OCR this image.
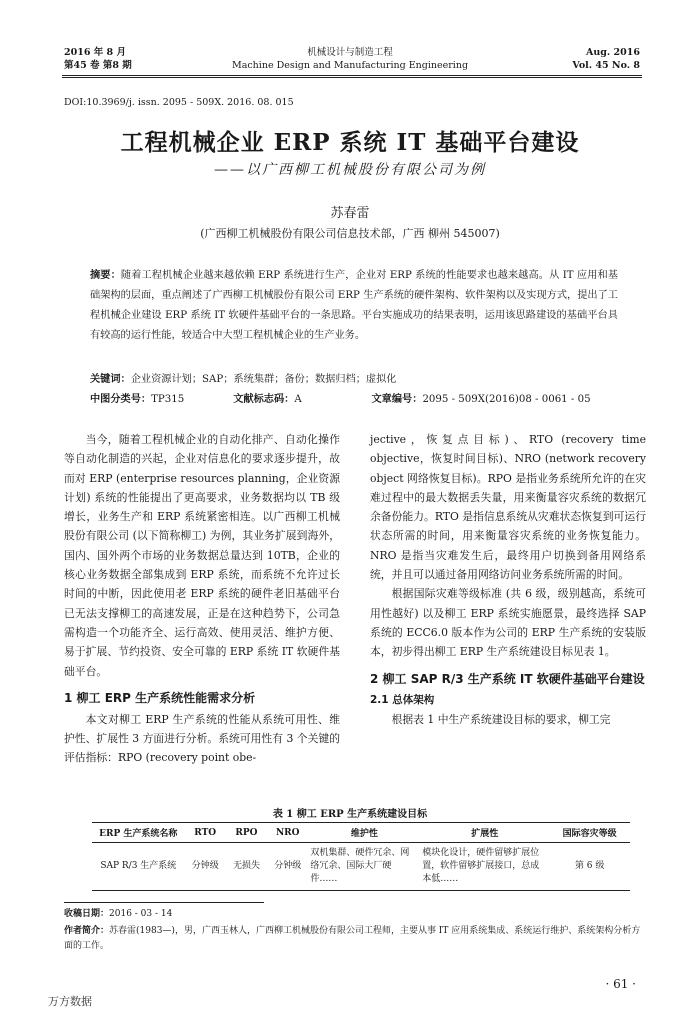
2016 年 8 月
第45 卷 第8 期
机械设计与制造工程
Machine Design and Manufacturing Engineering
Aug. 2016
Vol. 45 No. 8
DOI:10.3969/j. issn. 2095 - 509X. 2016. 08. 015
工程机械企业 ERP 系统 IT 基础平台建设
——以广西柳工机械股份有限公司为例
苏春雷
(广西柳工机械股份有限公司信息技术部，广西 柳州 545007)
摘要：随着工程机械企业越来越依赖 ERP 系统进行生产，企业对 ERP 系统的性能要求也越来越高。从 IT 应用和基础架构的层面，重点阐述了广西柳工机械股份有限公司 ERP 生产系统的硬件架构、软件架构以及实现方式，提出了工程机械企业建设 ERP 系统 IT 软硬件基础平台的一条思路。平台实施成功的结果表明，运用该思路建设的基础平台具有较高的运行性能，较适合中大型工程机械企业的生产业务。
关键词：企业资源计划；SAP；系统集群；备份；数据归档；虚拟化
中图分类号：TP315	文献标志码：A	文章编号：2095 - 509X(2016)08 - 0061 - 05

当今，随着工程机械企业的自动化排产、自动化操作等自动化制造的兴起，企业对信息化的要求逐步提升，故而对 ERP (enterprise resources planning，企业资源计划) 系统的性能提出了更高要求，业务数据均以 TB 级增长，业务生产和 ERP 系统紧密相连。以广西柳工机械股份有限公司 (以下简称柳工) 为例，其业务扩展到海外，国内、国外两个市场的业务数据总量达到 10TB，企业的核心业务数据全部集成到 ERP 系统，而系统不允许过长时间的中断，因此使用老 ERP 系统的硬件老旧基础平台已无法支撑柳工的高速发展，正是在这种趋势下，公司急需构造一个功能齐全、运行高效、使用灵活、维护方便、易于扩展、节约投资、安全可靠的 ERP 系统 IT 软硬件基础平台。

1 柳工 ERP 生产系统性能需求分析

本文对柳工 ERP 生产系统的性能从系统可用性、维护性、扩展性 3 方面进行分析。系统可用性有 3 个关键的评估指标：RPO (recovery point obe-

jective，恢复点目标)、RTO (recovery time objective，恢复时间目标)、NRO (network recovery object 网络恢复目标)。RPO 是指业务系统所允许的在灾难过程中的最大数据丢失量，用来衡量容灾系统的数据冗余备份能力。RTO 是指信息系统从灾难状态恢复到可运行状态所需的时间，用来衡量容灾系统的业务恢复能力。NRO 是指当灾难发生后，最终用户切换到备用网络系统，并且可以通过备用网络访问业务系统所需的时间。

根据国际灾难等级标准 (共 6 级，级别越高，系统可用性越好) 以及柳工 ERP 系统实施愿景，最终选择 SAP 系统的 ECC6.0 版本作为公司的 ERP 生产系统的安装版本，初步得出柳工 ERP 生产系统建设目标见表 1。

2 柳工 SAP R/3 生产系统 IT 软硬件基础平台建设
2.1 总体架构

根据表 1 中生产系统建设目标的要求，柳工完

表 1 柳工 ERP 生产系统建设目标
ERP 生产系统名称	RTO	RPO	NRO	维护性	扩展性	国际容灾等级
SAP R/3 生产系统	分钟级	无损失	分钟级	双机集群、硬件冗余、网络冗余、国际大厂硬件……	模块化设计，硬件留够扩展位置，软件留够扩展接口，总成本低……	第 6 级
收稿日期：2016 - 03 - 14
作者简介：苏春雷(1983—)，男，广西玉林人，广西柳工机械股份有限公司工程师，主要从事 IT 应用系统集成、系统运行维护、系统架构分析方面的工作。
· 61 ·
万方数据
